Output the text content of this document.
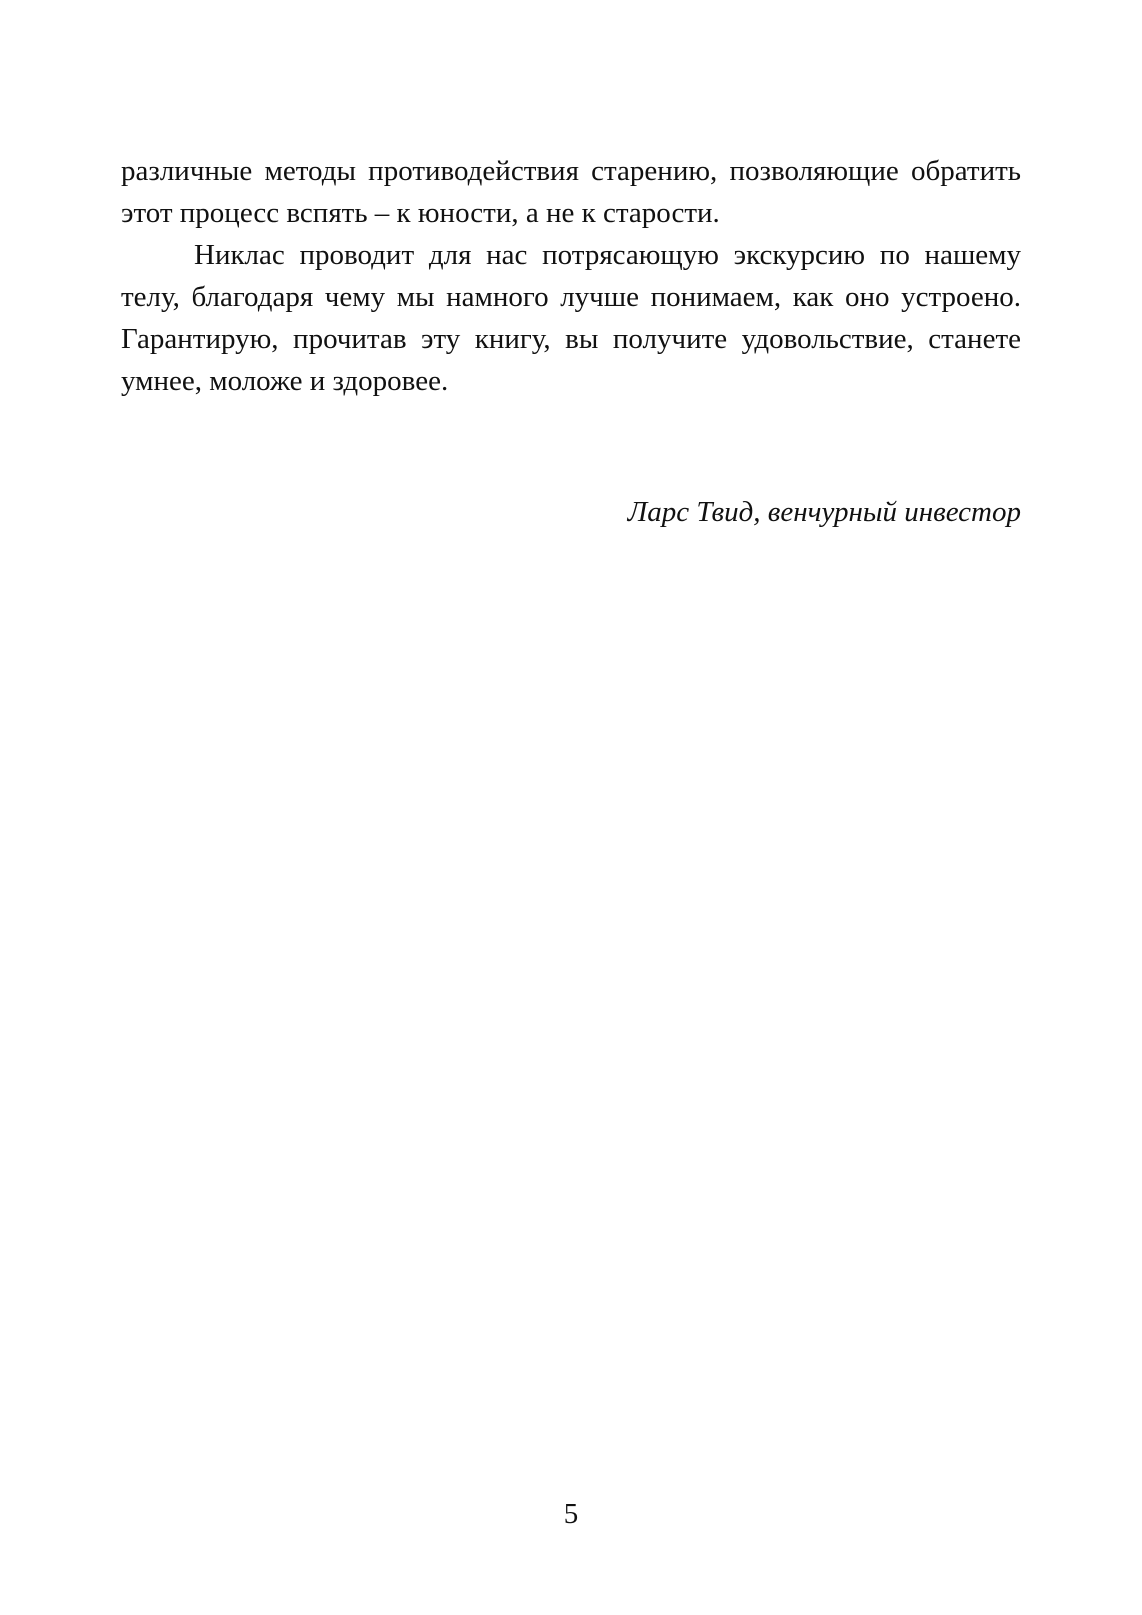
различные методы противодействия старению, позволяющие обратить этот процесс вспять – к юности, а не к старости.

Никлас проводит для нас потрясающую экскурсию по нашему телу, благодаря чему мы намного лучше понимаем, как оно устроено. Гарантирую, прочитав эту книгу, вы получите удовольствие, станете умнее, моложе и здоровее.

Ларс Твид, венчурный инвестор
5
